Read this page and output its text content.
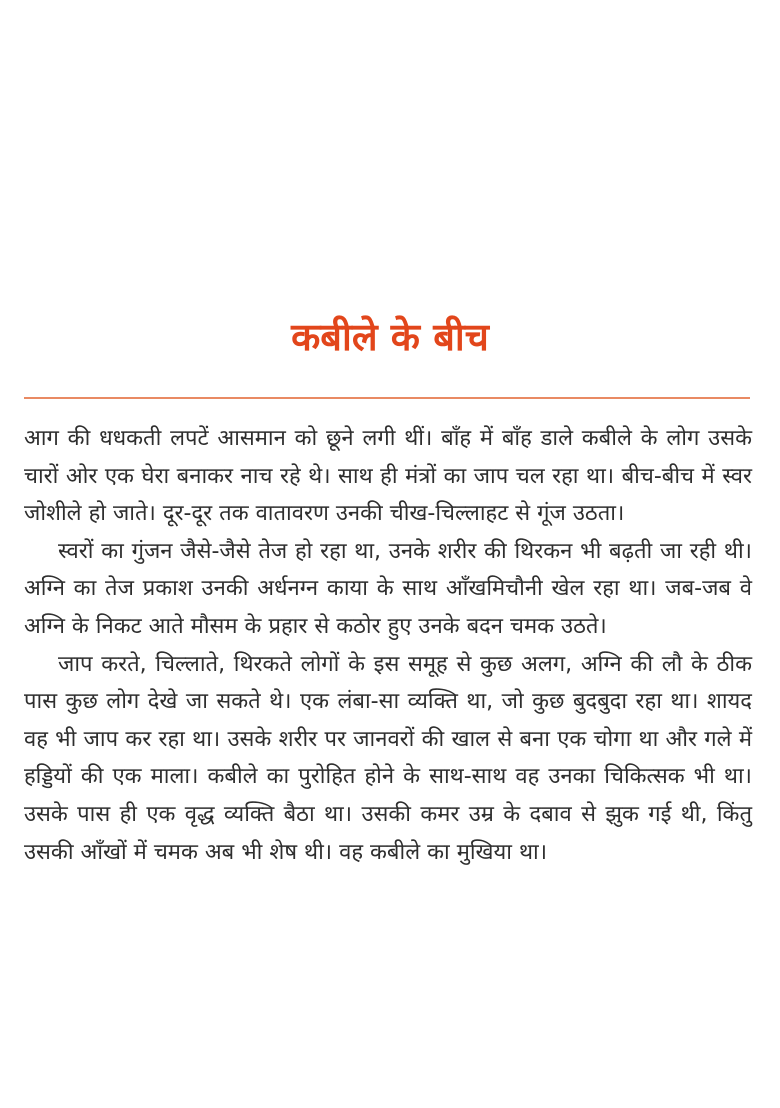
कबीले के बीच

आग की धधकती लपटें आसमान को छूने लगी थीं। बाँह में बाँह डाले कबीले के लोग उसके चारों ओर एक घेरा बनाकर नाच रहे थे। साथ ही मंत्रों का जाप चल रहा था। बीच-बीच में स्वर जोशीले हो जाते। दूर-दूर तक वातावरण उनकी चीख-चिल्लाहट से गूंज उठता।

स्वरों का गुंजन जैसे-जैसे तेज हो रहा था, उनके शरीर की थिरकन भी बढ़ती जा रही थी। अग्नि का तेज प्रकाश उनकी अर्धनग्न काया के साथ आँखमिचौनी खेल रहा था। जब-जब वे अग्नि के निकट आते मौसम के प्रहार से कठोर हुए उनके बदन चमक उठते।

जाप करते, चिल्लाते, थिरकते लोगों के इस समूह से कुछ अलग, अग्नि की लौ के ठीक पास कुछ लोग देखे जा सकते थे। एक लंबा-सा व्यक्ति था, जो कुछ बुदबुदा रहा था। शायद वह भी जाप कर रहा था। उसके शरीर पर जानवरों की खाल से बना एक चोगा था और गले में हड्डियों की एक माला। कबीले का पुरोहित होने के साथ-साथ वह उनका चिकित्सक भी था। उसके पास ही एक वृद्ध व्यक्ति बैठा था। उसकी कमर उम्र के दबाव से झुक गई थी, किंतु उसकी आँखों में चमक अब भी शेष थी। वह कबीले का मुखिया था।
